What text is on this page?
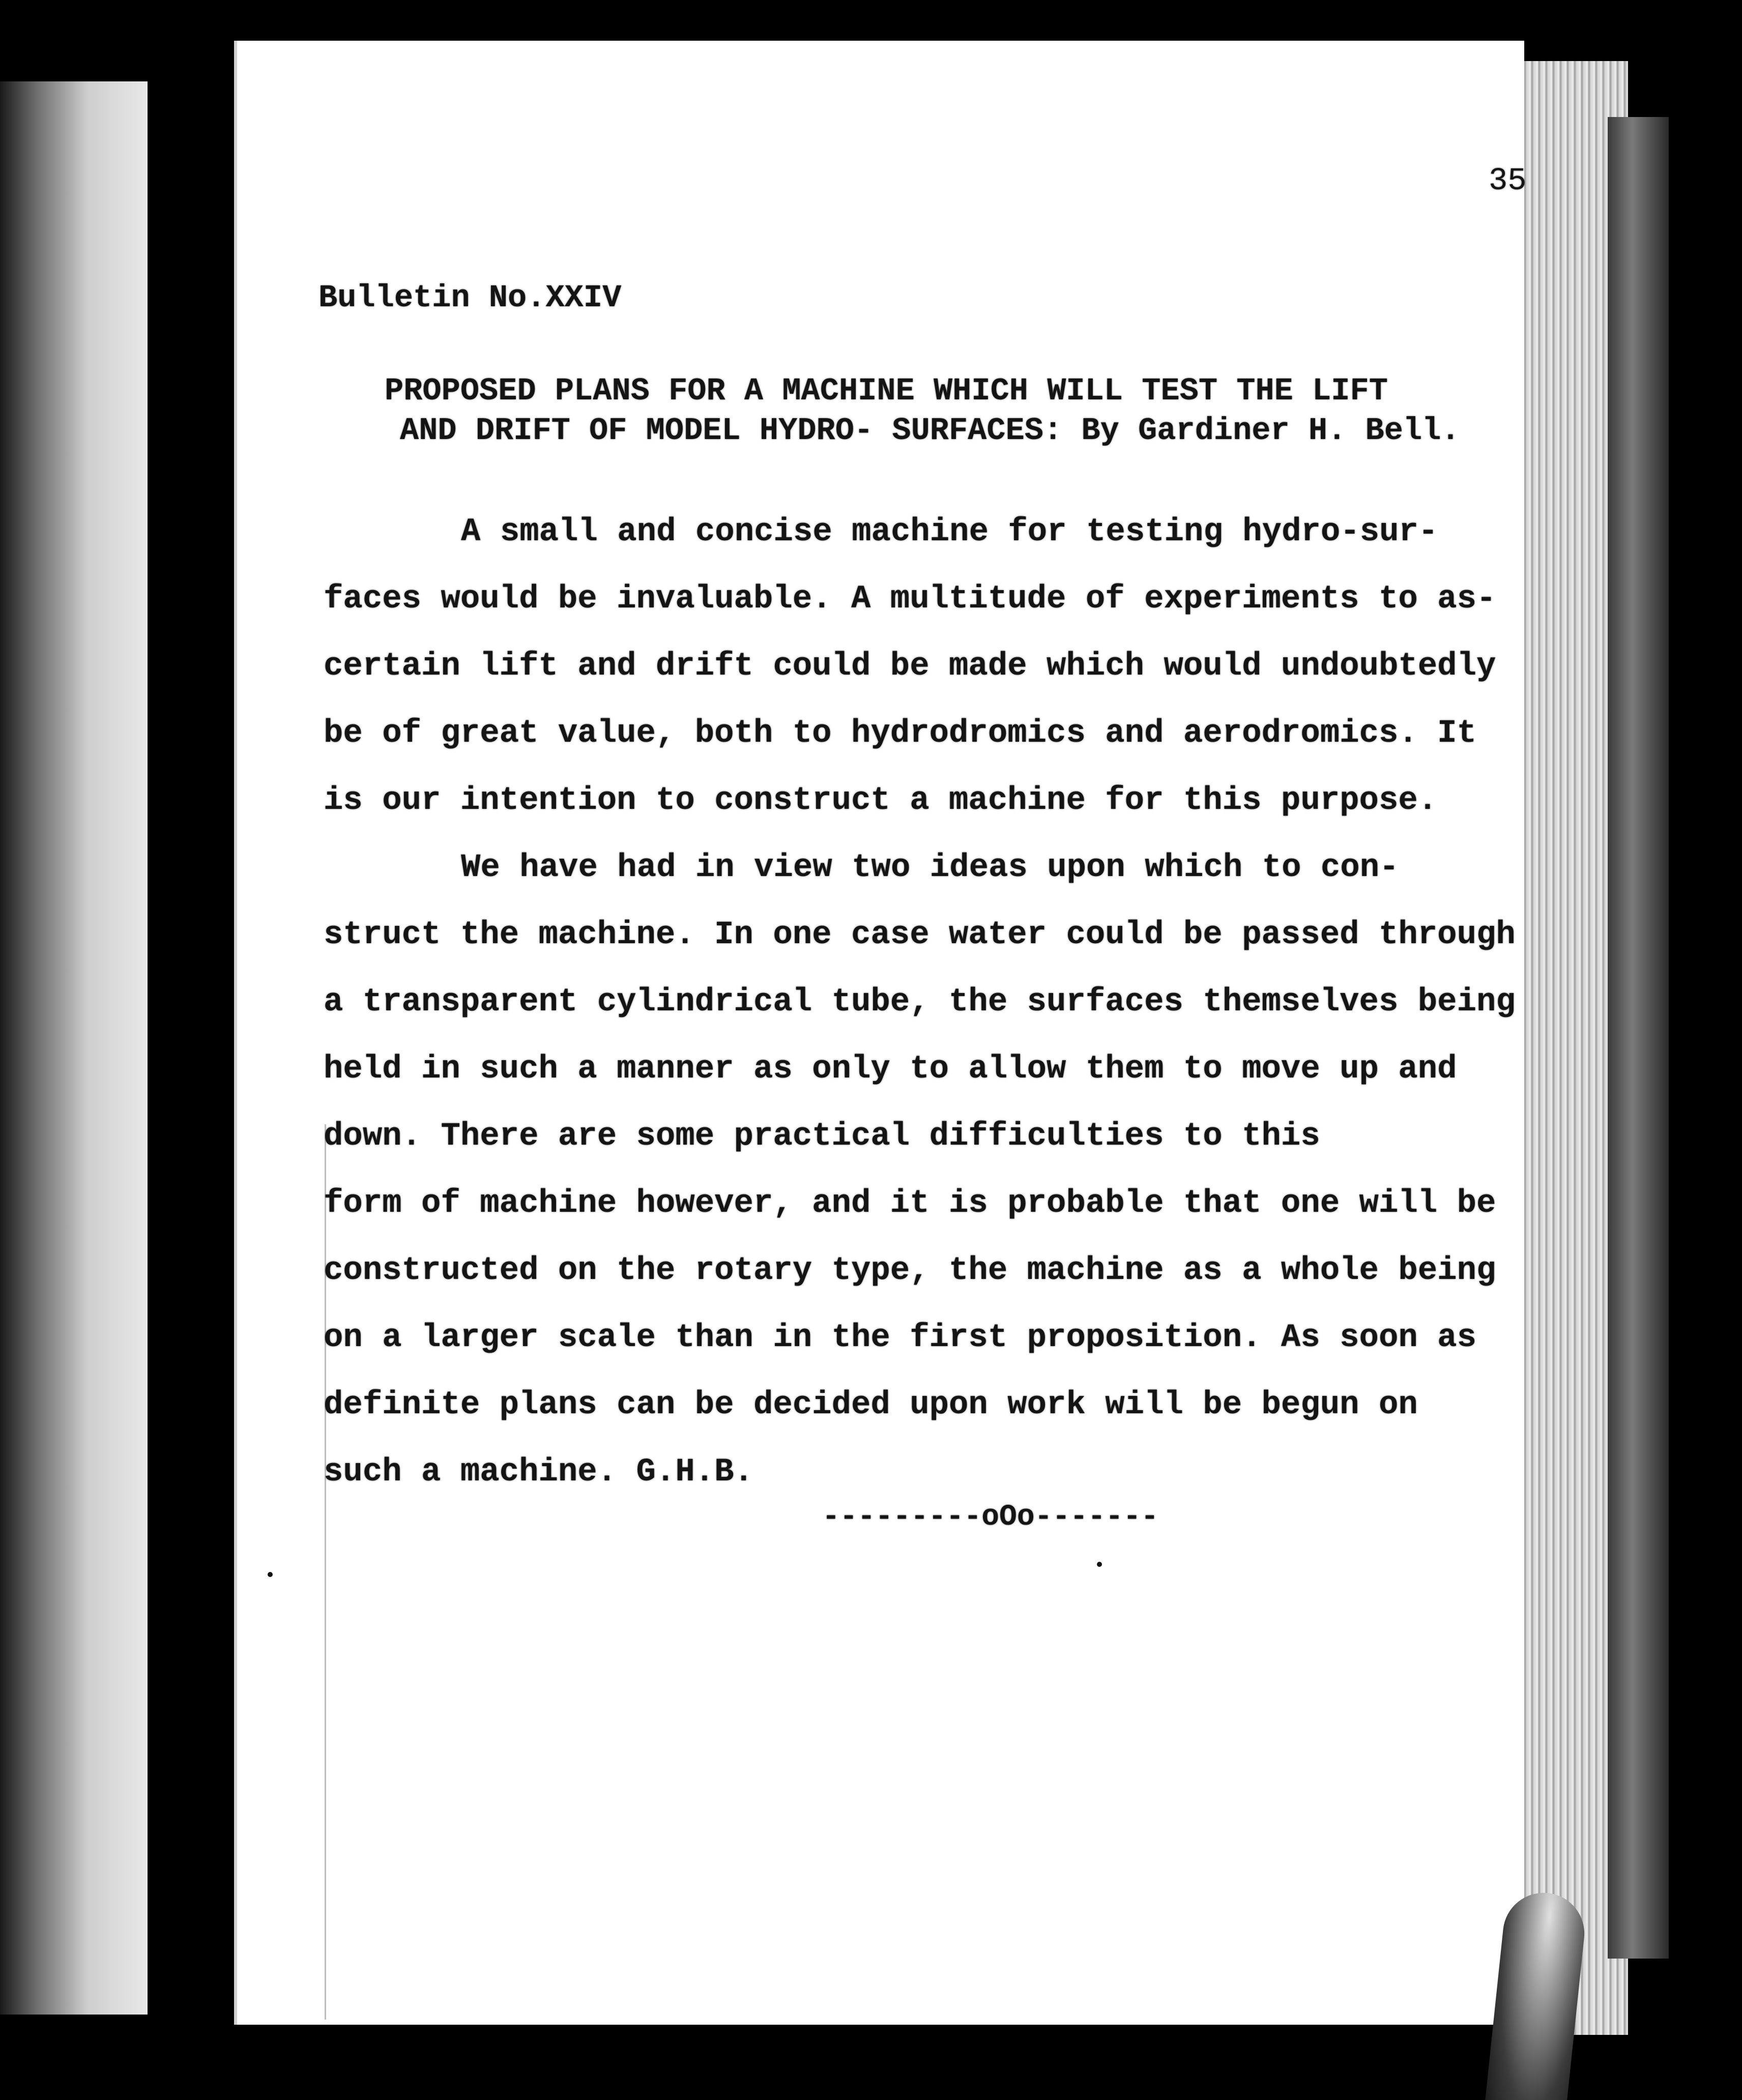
35
Bulletin No.XXIV
PROPOSED PLANS FOR A MACHINE WHICH WILL TEST THE LIFT
AND DRIFT OF MODEL HYDRO- SURFACES: By Gardiner H. Bell.
A small and concise machine for testing hydro-sur-
faces would be invaluable. A multitude of experiments to as-
certain lift and drift could be made which would undoubtedly
be of great value, both to hydrodromics and aerodromics. It
is our intention to construct a machine for this purpose.
We have had in view two ideas upon which to con-
struct the machine. In one case water could be passed through
a transparent cylindrical tube, the surfaces themselves being
held in such a manner as only to allow them to move up and
down. There are some practical difficulties to this
form of machine however, and it is probable that one will be
constructed on the rotary type, the machine as a whole being
on a larger scale than in the first proposition. As soon as
definite plans can be decided upon work will be begun on
such a machine. G.H.B.
---------oOo-------
